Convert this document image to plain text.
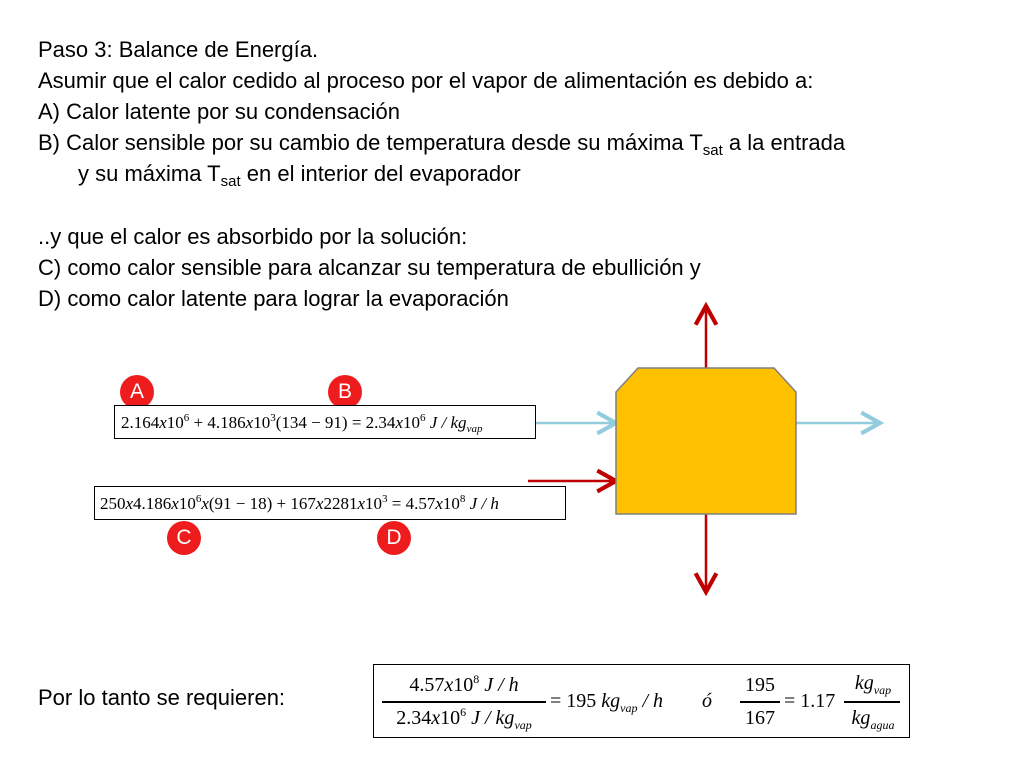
Paso 3: Balance de Energía.
Asumir que el calor cedido al proceso por el vapor de alimentación es debido a:
A) Calor latente por su condensación
B) Calor sensible por su cambio de temperatura desde su máxima $T_{sat}$ a la entrada
y su máxima $T_{sat}$ en el interior del evaporador
..y que el calor es absorbido por la solución:
C) como calor sensible para alcanzar su temperatura de ebullición y
D) como calor latente para lograr la evaporación
Por lo tanto se requieren:
A	B
C	D
$2.164x10^6 + 4.186x10^3(134 - 91) = 2.34x10^6$ J / $kg_{vap}$
$250x4.186x10^6x(91 - 18) + 167x2281x10^3 = 4.57x10^8$ J / h
$4.57x10^8$ J / h
$2.34x10^6$ J / $kg_{vap}$
= 195 $kg_{vap}$ / h ó
195
167
= 1.17
$kg_{vap}$
$kg_{agua}$
